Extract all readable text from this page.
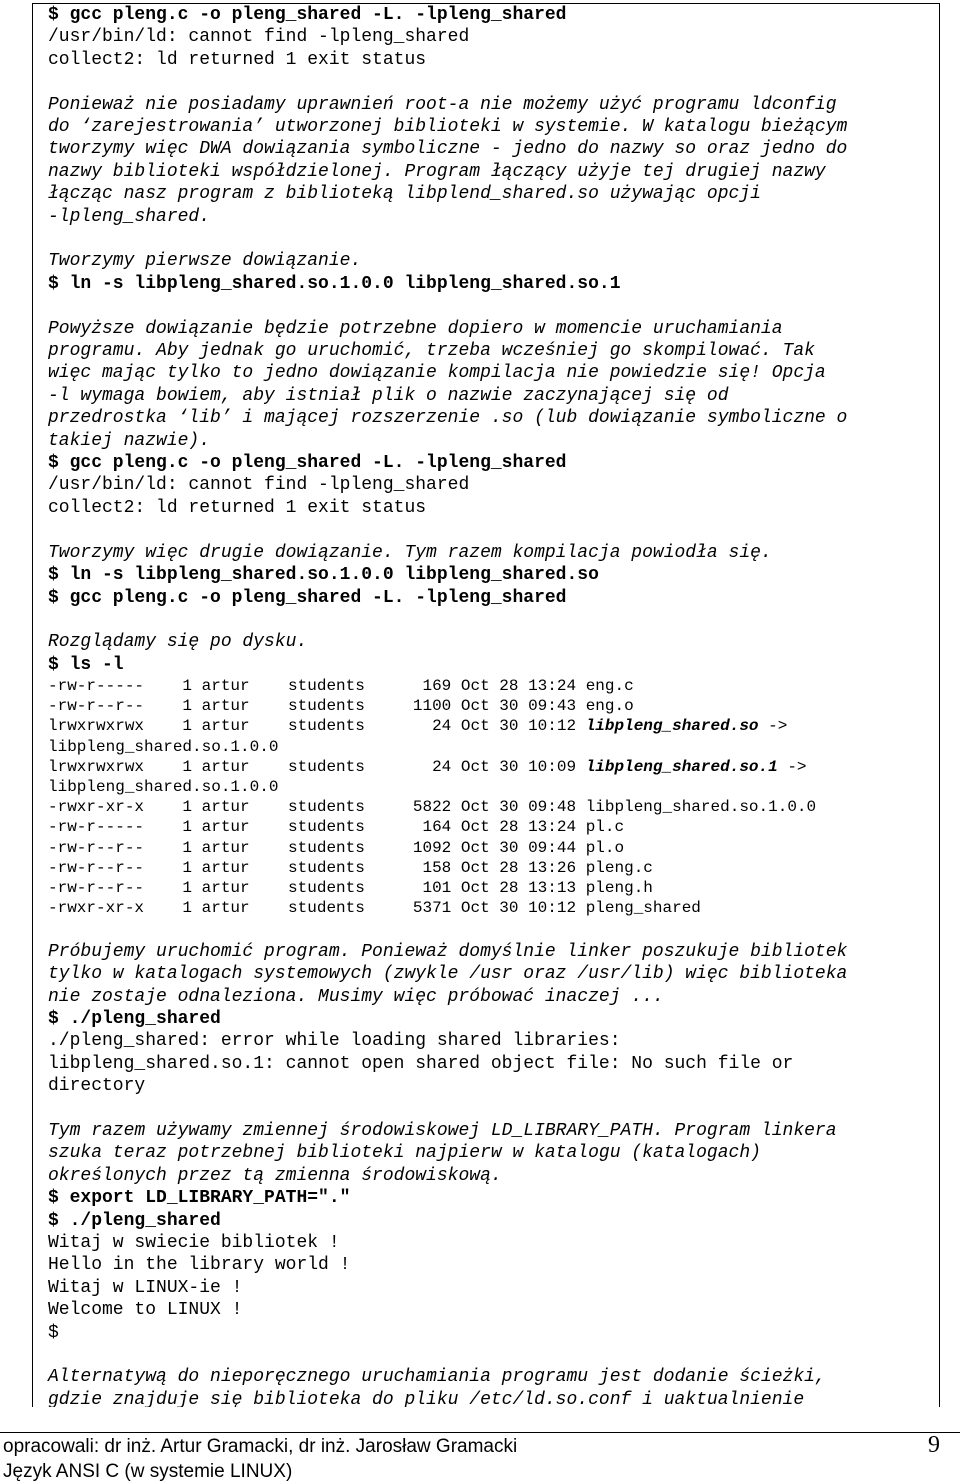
$ gcc pleng.c -o pleng_shared -L. -lpleng_shared
/usr/bin/ld: cannot find -lpleng_shared
collect2: ld returned 1 exit status
Ponieważ nie posiadamy uprawnień root-a nie możemy użyć programu ldconfig
do ‘zarejestrowania’ utworzonej biblioteki w systemie. W katalogu bieżącym
tworzymy więc DWA dowiązania symboliczne - jedno do nazwy so oraz jedno do
nazwy biblioteki współdzielonej. Program łączący użyje tej drugiej nazwy
łącząc nasz program z biblioteką libplend_shared.so używając opcji
-lpleng_shared.
Tworzymy pierwsze dowiązanie.
$ ln -s libpleng_shared.so.1.0.0 libpleng_shared.so.1
Powyższe dowiązanie będzie potrzebne dopiero w momencie uruchamiania
programu. Aby jednak go uruchomić, trzeba wcześniej go skompilować. Tak
więc mając tylko to jedno dowiązanie kompilacja nie powiedzie się! Opcja
-l wymaga bowiem, aby istniał plik o nazwie zaczynającej się od
przedrostka ‘lib’ i mającej rozszerzenie .so (lub dowiązanie symboliczne o
takiej nazwie).
$ gcc pleng.c -o pleng_shared -L. -lpleng_shared
/usr/bin/ld: cannot find -lpleng_shared
collect2: ld returned 1 exit status
Tworzymy więc drugie dowiązanie. Tym razem kompilacja powiodła się.
$ ln -s libpleng_shared.so.1.0.0 libpleng_shared.so
$ gcc pleng.c -o pleng_shared -L. -lpleng_shared
Rozglądamy się po dysku.
$ ls -l
-rw-r-----    1 artur    students      169 Oct 28 13:24 eng.c
-rw-r--r--    1 artur    students     1100 Oct 30 09:43 eng.o
lrwxrwxrwx    1 artur    students       24 Oct 30 10:12 libpleng_shared.so ->
libpleng_shared.so.1.0.0
lrwxrwxrwx    1 artur    students       24 Oct 30 10:09 libpleng_shared.so.1 ->
libpleng_shared.so.1.0.0
-rwxr-xr-x    1 artur    students     5822 Oct 30 09:48 libpleng_shared.so.1.0.0
-rw-r-----    1 artur    students      164 Oct 28 13:24 pl.c
-rw-r--r--    1 artur    students     1092 Oct 30 09:44 pl.o
-rw-r--r--    1 artur    students      158 Oct 28 13:26 pleng.c
-rw-r--r--    1 artur    students      101 Oct 28 13:13 pleng.h
-rwxr-xr-x    1 artur    students     5371 Oct 30 10:12 pleng_shared
Próbujemy uruchomić program. Ponieważ domyślnie linker poszukuje bibliotek
tylko w katalogach systemowych (zwykle /usr oraz /usr/lib) więc biblioteka
nie zostaje odnaleziona. Musimy więc próbować inaczej ...
$ ./pleng_shared
./pleng_shared: error while loading shared libraries:
libpleng_shared.so.1: cannot open shared object file: No such file or
directory
Tym razem używamy zmiennej środowiskowej LD_LIBRARY_PATH. Program linkera
szuka teraz potrzebnej biblioteki najpierw w katalogu (katalogach)
określonych przez tą zmienna środowiskową.
$ export LD_LIBRARY_PATH="."
$ ./pleng_shared
Witaj w swiecie bibliotek !
Hello in the library world !
Witaj w LINUX-ie !
Welcome to LINUX !
$
Alternatywą do nieporęcznego uruchamiania programu jest dodanie ścieżki,
gdzie znajduje się biblioteka do pliku /etc/ld.so.conf i uaktualnienie
opracowali: dr inż. Artur Gramacki, dr inż. Jarosław Gramacki
Język ANSI C (w systemie LINUX)
9
